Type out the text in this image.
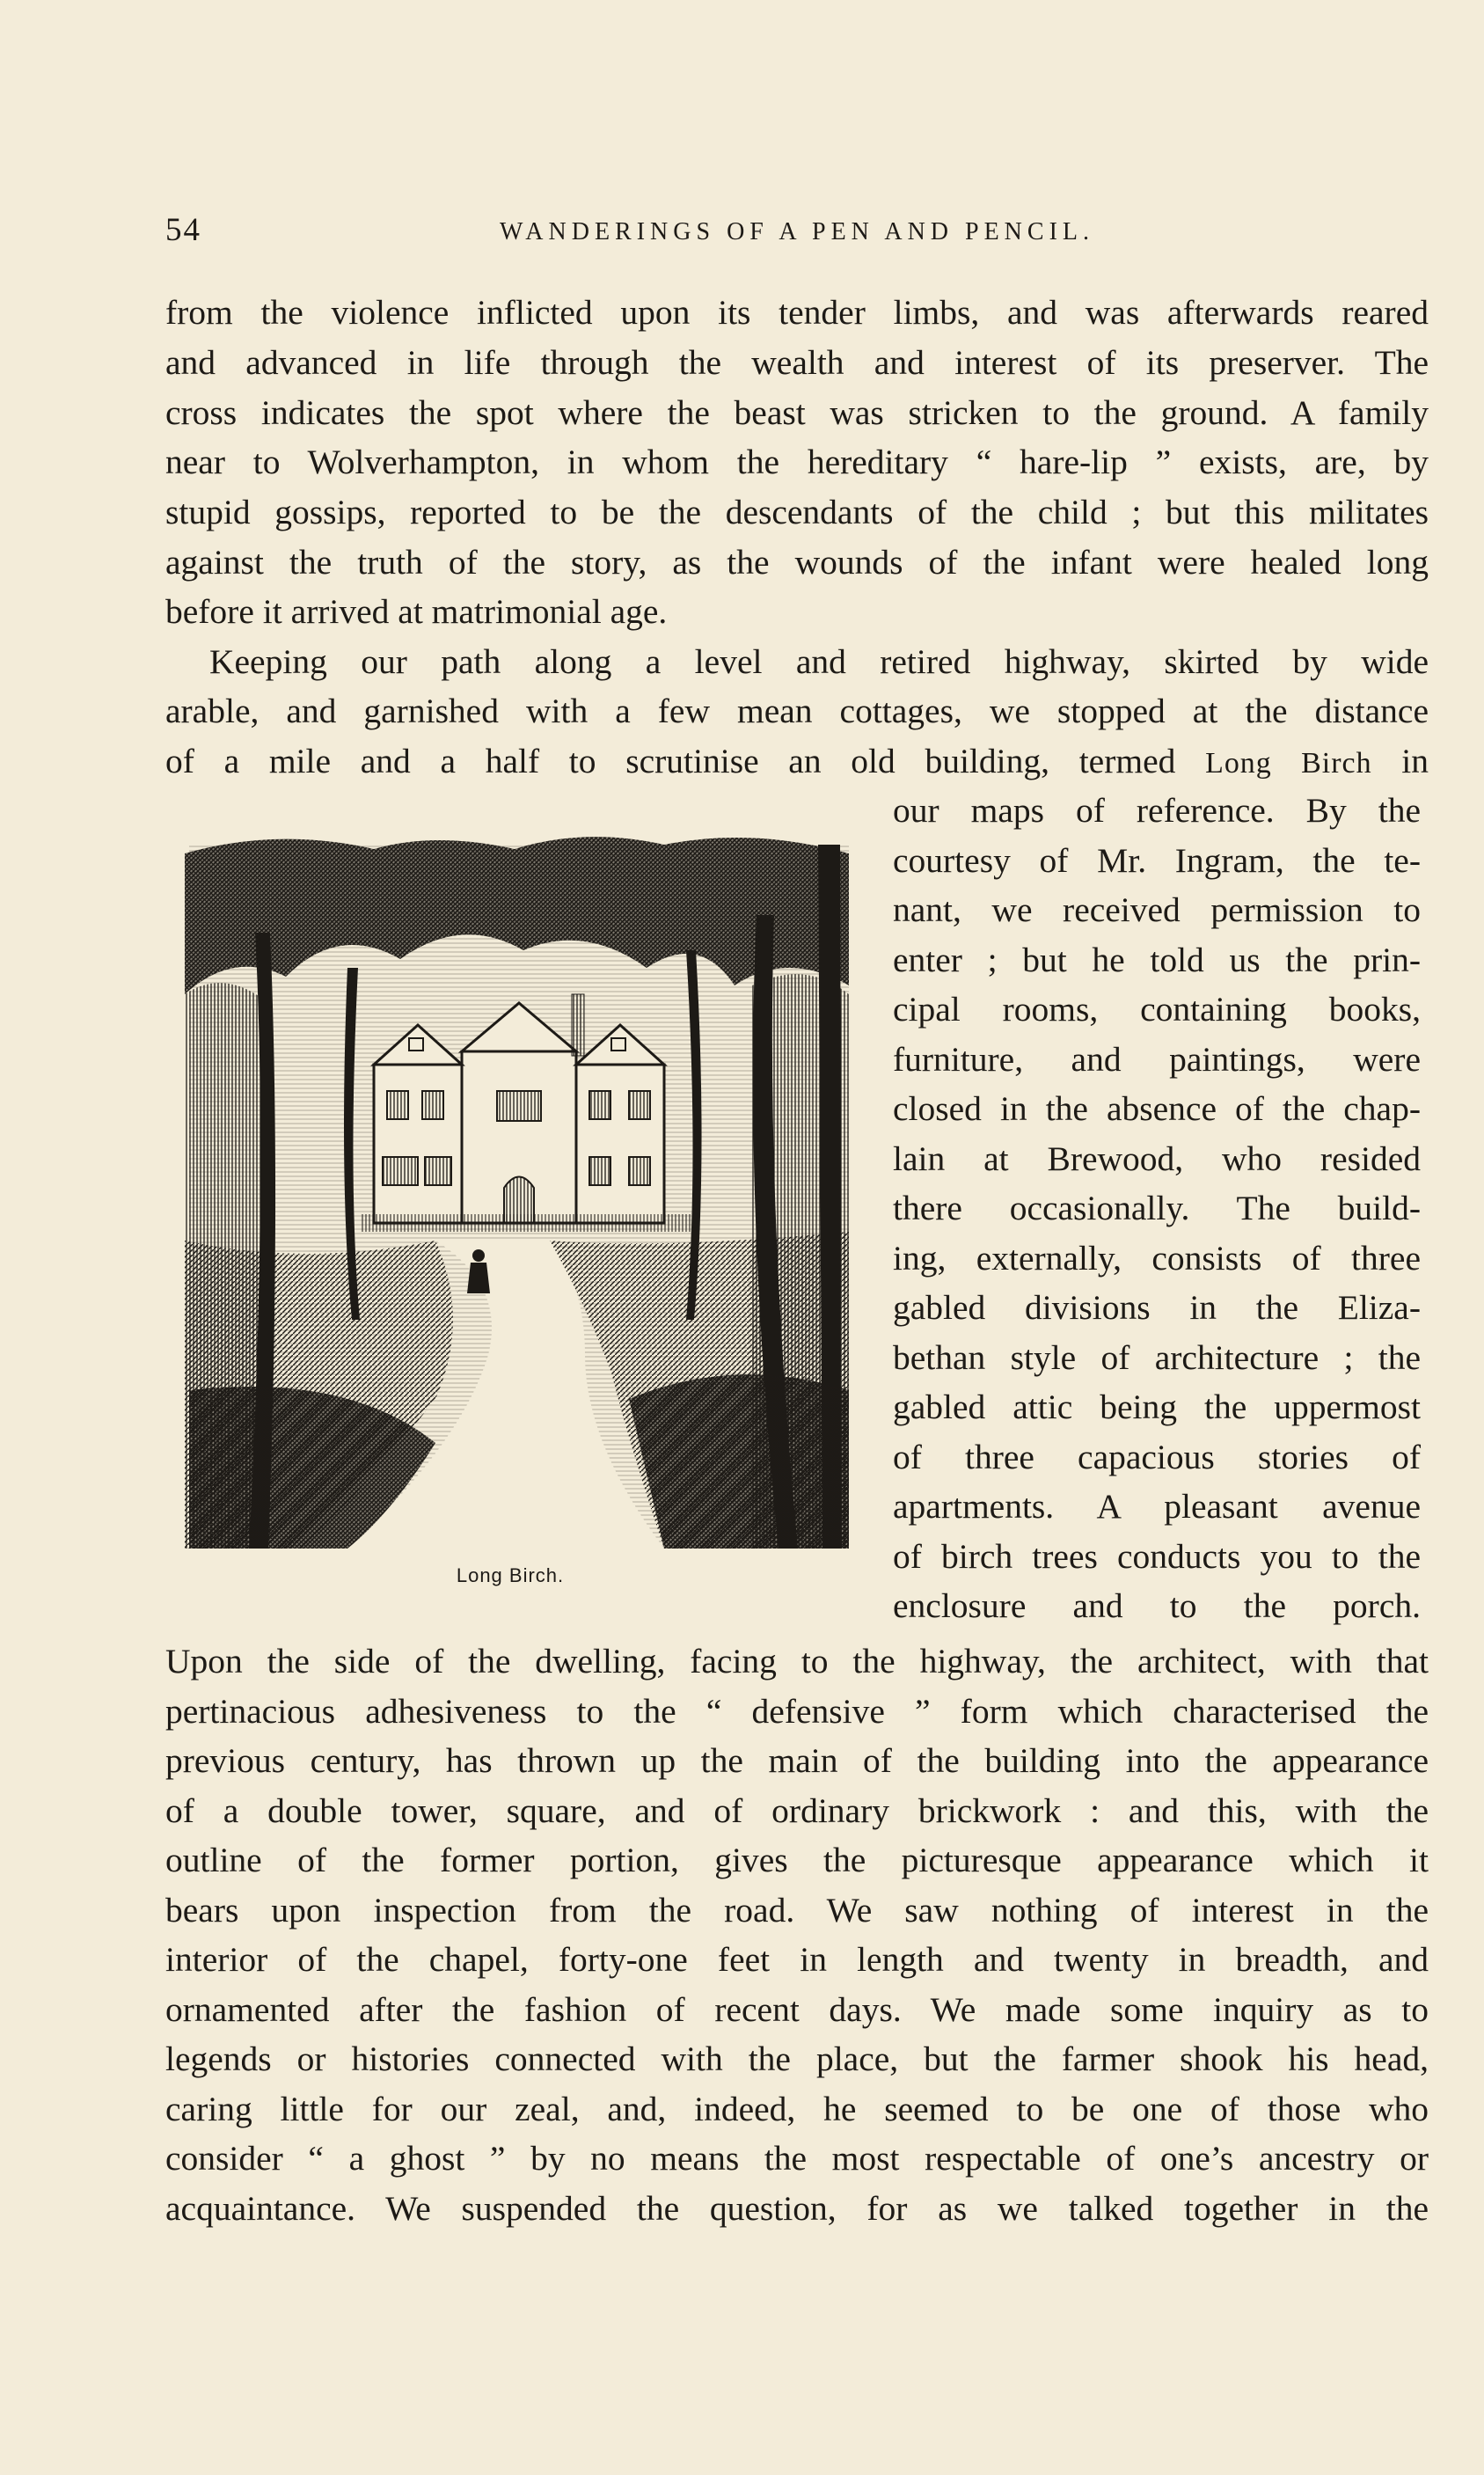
54	WANDERINGS OF A PEN AND PENCIL.
from the violence inflicted upon its tender limbs, and was afterwards reared
and advanced in life through the wealth and interest of its preserver. The
cross indicates the spot where the beast was stricken to the ground. A family
near to Wolverhampton, in whom the hereditary “ hare-lip ” exists, are, by
stupid gossips, reported to be the descendants of the child ; but this militates
against the truth of the story, as the wounds of the infant were healed long
before it arrived at matrimonial age.
Keeping our path along a level and retired highway, skirted by wide
arable, and garnished with a few mean cottages, we stopped at the distance
of a mile and a half to scrutinise an old building, termed Long Birch in
our maps of reference. By the
courtesy of Mr. Ingram, the te-
nant, we received permission to
enter ; but he told us the prin-
cipal rooms, containing books,
furniture, and paintings, were
closed in the absence of the chap-
lain at Brewood, who resided
there occasionally. The build-
ing, externally, consists of three
gabled divisions in the Eliza-
bethan style of architecture ; the
gabled attic being the uppermost
of three capacious stories of
apartments. A pleasant avenue
of birch trees conducts you to the
enclosure and to the porch.
Upon the side of the dwelling, facing to the highway, the architect, with that
pertinacious adhesiveness to the “ defensive ” form which characterised the
previous century, has thrown up the main of the building into the appearance
of a double tower, square, and of ordinary brickwork : and this, with the
outline of the former portion, gives the picturesque appearance which it
bears upon inspection from the road. We saw nothing of interest in the
interior of the chapel, forty-one feet in length and twenty in breadth, and
ornamented after the fashion of recent days. We made some inquiry as to
legends or histories connected with the place, but the farmer shook his head,
caring little for our zeal, and, indeed, he seemed to be one of those who
consider “ a ghost ” by no means the most respectable of one’s ancestry or
acquaintance. We suspended the question, for as we talked together in the
Long Birch.
